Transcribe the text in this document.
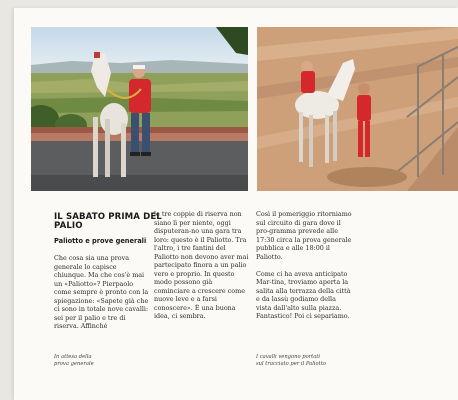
IL SABATO PRIMA DEL PALIO
Paliotto e prove generali
Che cosa sia una prova generale lo capisce chiunque. Ma che cos'è mai un «Paliotto»? Pierpaolo come sempre è pronto con la spiegazione: «Sapete già che ci sono in totale nove cavalli: sei per il palio e tre di riserva. Affinché
le tre coppie di riserva non siano lì per niente, oggi disputeran-no una gara tra loro: questo è il Paliotto. Tra l'altro, i tre fantini del Paliotto non devono aver mai partecipato finora a un palio vero e proprio. In questo modo possono già cominciare a crescere come nuove leve e a farsi conoscere». È una buona idea, ci sembra.
Così il pomeriggio ritorniamo sul circuito di gara dove il pro-gramma prevede alle 17:30 circa la prova generale pubblica e alle 18:00 il Paliotto.

Come ci ha aveva anticipato Mar-tina, troviamo aperta la salita alla terrazza della città e da lassù godiamo della vista dall'alto sulla piazza. Fantastico! Poi ci separiamo.
In attesa della
prova generale
I cavalli vengono portati
sul tracciato per il Paliotto
